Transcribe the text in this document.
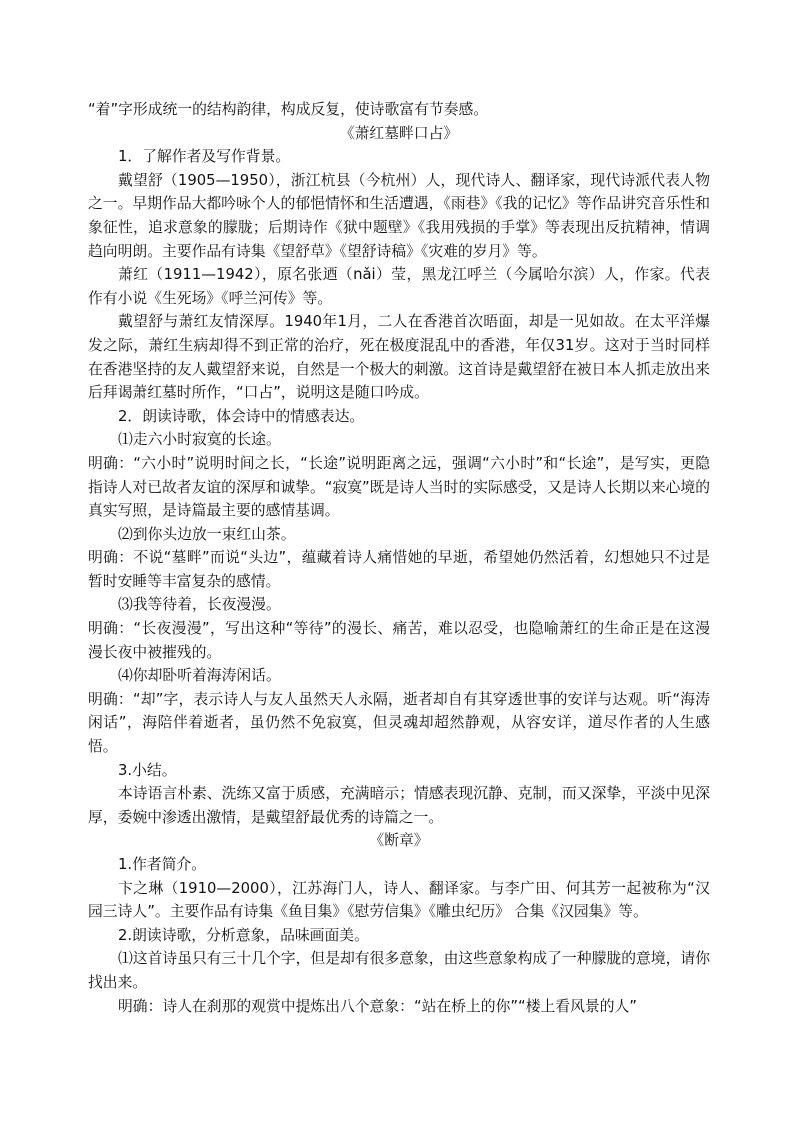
“着”字形成统一的结构韵律，构成反复，使诗歌富有节奏感。

《萧红墓畔口占》

1．了解作者及写作背景。

戴望舒（1905—1950），浙江杭县（今杭州）人，现代诗人、翻译家，现代诗派代表人物之一。早期作品大都吟咏个人的郁悒情怀和生活遭遇，《雨巷》《我的记忆》等作品讲究音乐性和象征性，追求意象的朦胧；后期诗作《狱中题壁》《我用残损的手掌》等表现出反抗精神，情调趋向明朗。主要作品有诗集《望舒草》《望舒诗稿》《灾难的岁月》等。

萧红（1911—1942），原名张迺（nǎi）莹，黑龙江呼兰（今属哈尔滨）人，作家。代表作有小说《生死场》《呼兰河传》等。

戴望舒与萧红友情深厚。1940年1月，二人在香港首次晤面，却是一见如故。在太平洋爆发之际，萧红生病却得不到正常的治疗，死在极度混乱中的香港，年仅31岁。这对于当时同样在香港坚持的友人戴望舒来说，自然是一个极大的刺激。这首诗是戴望舒在被日本人抓走放出来后拜谒萧红墓时所作，“口占”，说明这是随口吟成。

2．朗读诗歌，体会诗中的情感表达。

⑴走六小时寂寞的长途。

明确：“六小时”说明时间之长，“长途”说明距离之远，强调“六小时”和“长途”，是写实，更隐指诗人对已故者友谊的深厚和诚挚。“寂寞”既是诗人当时的实际感受，又是诗人长期以来心境的真实写照，是诗篇最主要的感情基调。

⑵到你头边放一束红山茶。

明确：不说“墓畔”而说“头边”，蕴藏着诗人痛惜她的早逝，希望她仍然活着，幻想她只不过是暂时安睡等丰富复杂的感情。

⑶我等待着，长夜漫漫。

明确：“长夜漫漫”，写出这种“等待”的漫长、痛苦，难以忍受，也隐喻萧红的生命正是在这漫漫长夜中被摧残的。

⑷你却卧听着海涛闲话。

明确：“却”字，表示诗人与友人虽然天人永隔，逝者却自有其穿透世事的安详与达观。听“海涛闲话”，海陪伴着逝者，虽仍然不免寂寞，但灵魂却超然静观，从容安详，道尽作者的人生感悟。

3.小结。

本诗语言朴素、洗练又富于质感，充满暗示；情感表现沉静、克制，而又深挚，平淡中见深厚，委婉中渗透出激情，是戴望舒最优秀的诗篇之一。

《断章》

1.作者简介。

卞之琳（1910—2000），江苏海门人，诗人、翻译家。与李广田、何其芳一起被称为“汉园三诗人”。主要作品有诗集《鱼目集》《慰劳信集》《雕虫纪历》 合集《汉园集》等。

2.朗读诗歌，分析意象，品味画面美。

⑴这首诗虽只有三十几个字，但是却有很多意象，由这些意象构成了一种朦胧的意境，请你找出来。

明确：诗人在刹那的观赏中提炼出八个意象：“站在桥上的你”“楼上看风景的人”
